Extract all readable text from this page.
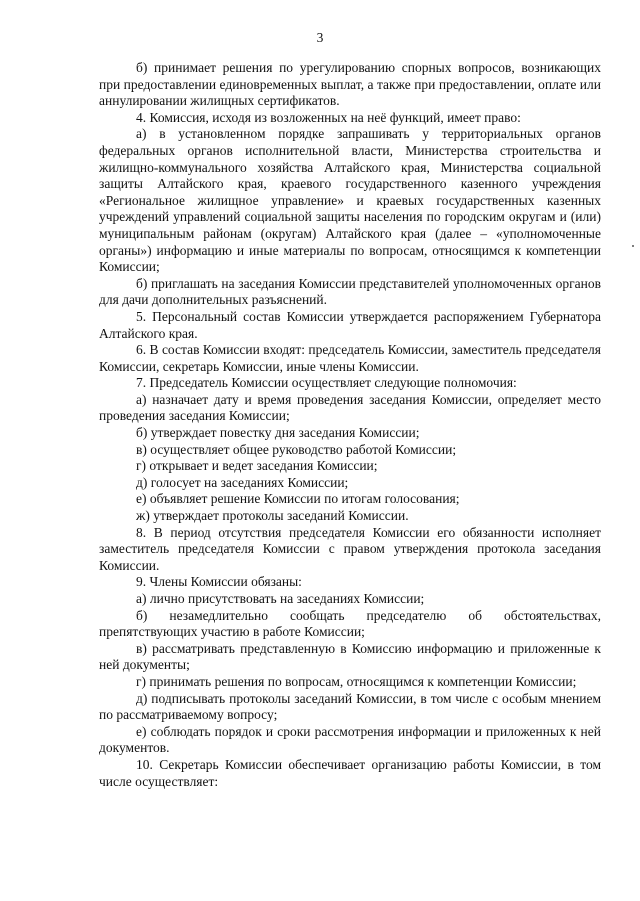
3

б) принимает решения по урегулированию спорных вопросов, возникающих при предоставлении единовременных выплат, а также при предоставлении, оплате или аннулировании жилищных сертификатов.

4. Комиссия, исходя из возложенных на неё функций, имеет право:

а) в установленном порядке запрашивать у территориальных органов федеральных органов исполнительной власти, Министерства строительства и жилищно-коммунального хозяйства Алтайского края, Министерства социальной защиты Алтайского края, краевого государственного казенного учреждения «Региональное жилищное управление» и краевых государственных казенных учреждений управлений социальной защиты населения по городским округам и (или) муниципальным районам (округам) Алтайского края (далее – «уполномоченные органы») информацию и иные материалы по вопросам, относящимся к компетенции Комиссии;

б) приглашать на заседания Комиссии представителей уполномоченных органов для дачи дополнительных разъяснений.

5. Персональный состав Комиссии утверждается распоряжением Губернатора Алтайского края.

6. В состав Комиссии входят: председатель Комиссии, заместитель председателя Комиссии, секретарь Комиссии, иные члены Комиссии.

7. Председатель Комиссии осуществляет следующие полномочия:

а) назначает дату и время проведения заседания Комиссии, определяет место проведения заседания Комиссии;

б) утверждает повестку дня заседания Комиссии;

в) осуществляет общее руководство работой Комиссии;

г) открывает и ведет заседания Комиссии;

д) голосует на заседаниях Комиссии;

е) объявляет решение Комиссии по итогам голосования;

ж) утверждает протоколы заседаний Комиссии.

8. В период отсутствия председателя Комиссии его обязанности исполняет заместитель председателя Комиссии с правом утверждения протокола заседания Комиссии.

9. Члены Комиссии обязаны:

а) лично присутствовать на заседаниях Комиссии;

б) незамедлительно сообщать председателю об обстоятельствах, препятствующих участию в работе Комиссии;

в) рассматривать представленную в Комиссию информацию и приложенные к ней документы;

г) принимать решения по вопросам, относящимся к компетенции Комиссии;

д) подписывать протоколы заседаний Комиссии, в том числе с особым мнением по рассматриваемому вопросу;

е) соблюдать порядок и сроки рассмотрения информации и приложенных к ней документов.

10. Секретарь Комиссии обеспечивает организацию работы Комиссии, в том числе осуществляет:
